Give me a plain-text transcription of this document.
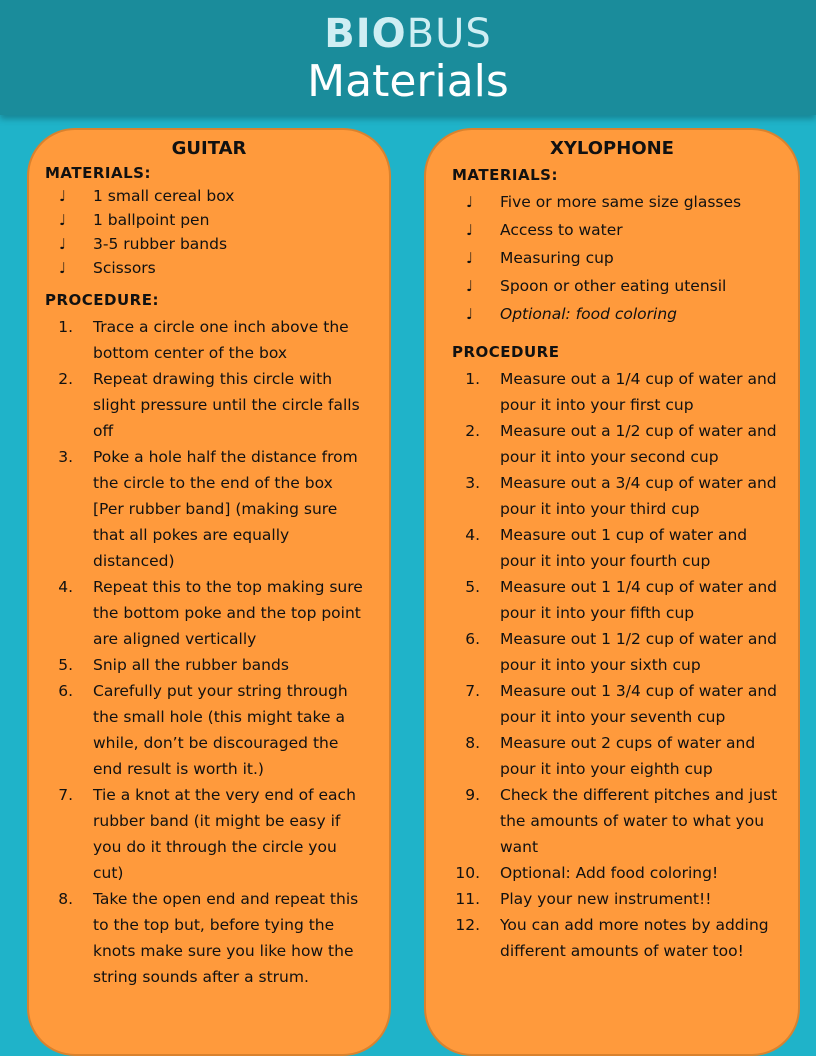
BIOBUS
Materials
GUITAR
MATERIALS:
♩	1 small cereal box
♩	1 ballpoint pen
♩	3-5 rubber bands
♩	Scissors
PROCEDURE:
1. Trace a circle one inch above the bottom center of the box
2. Repeat drawing this circle with slight pressure until the circle falls off
3. Poke a hole half the distance from the circle to the end of the box [Per rubber band] (making sure that all pokes are equally distanced)
4. Repeat this to the top making sure the bottom poke and the top point are aligned vertically
5. Snip all the rubber bands
6. Carefully put your string through the small hole (this might take a while, don’t be discouraged the end result is worth it.)
7. Tie a knot at the very end of each rubber band (it might be easy if you do it through the circle you cut)
8. Take the open end and repeat this to the top but, before tying the knots make sure you like how the string sounds after a strum.
XYLOPHONE
MATERIALS:
♩	Five or more same size glasses
♩	Access to water
♩	Measuring cup
♩	Spoon or other eating utensil
♩	Optional: food coloring
PROCEDURE
1. Measure out a 1/4 cup of water and pour it into your first cup
2. Measure out a 1/2 cup of water and pour it into your second cup
3. Measure out a 3/4 cup of water and pour it into your third cup
4. Measure out 1 cup of water and pour it into your fourth cup
5. Measure out 1 1/4 cup of water and pour it into your fifth cup
6. Measure out 1 1/2 cup of water and pour it into your sixth cup
7. Measure out 1 3/4 cup of water and pour it into your seventh cup
8. Measure out 2 cups of water and pour it into your eighth cup
9. Check the different pitches and just the amounts of water to what you want
10. Optional: Add food coloring!
11. Play your new instrument!!
12. You can add more notes by adding different amounts of water too!
